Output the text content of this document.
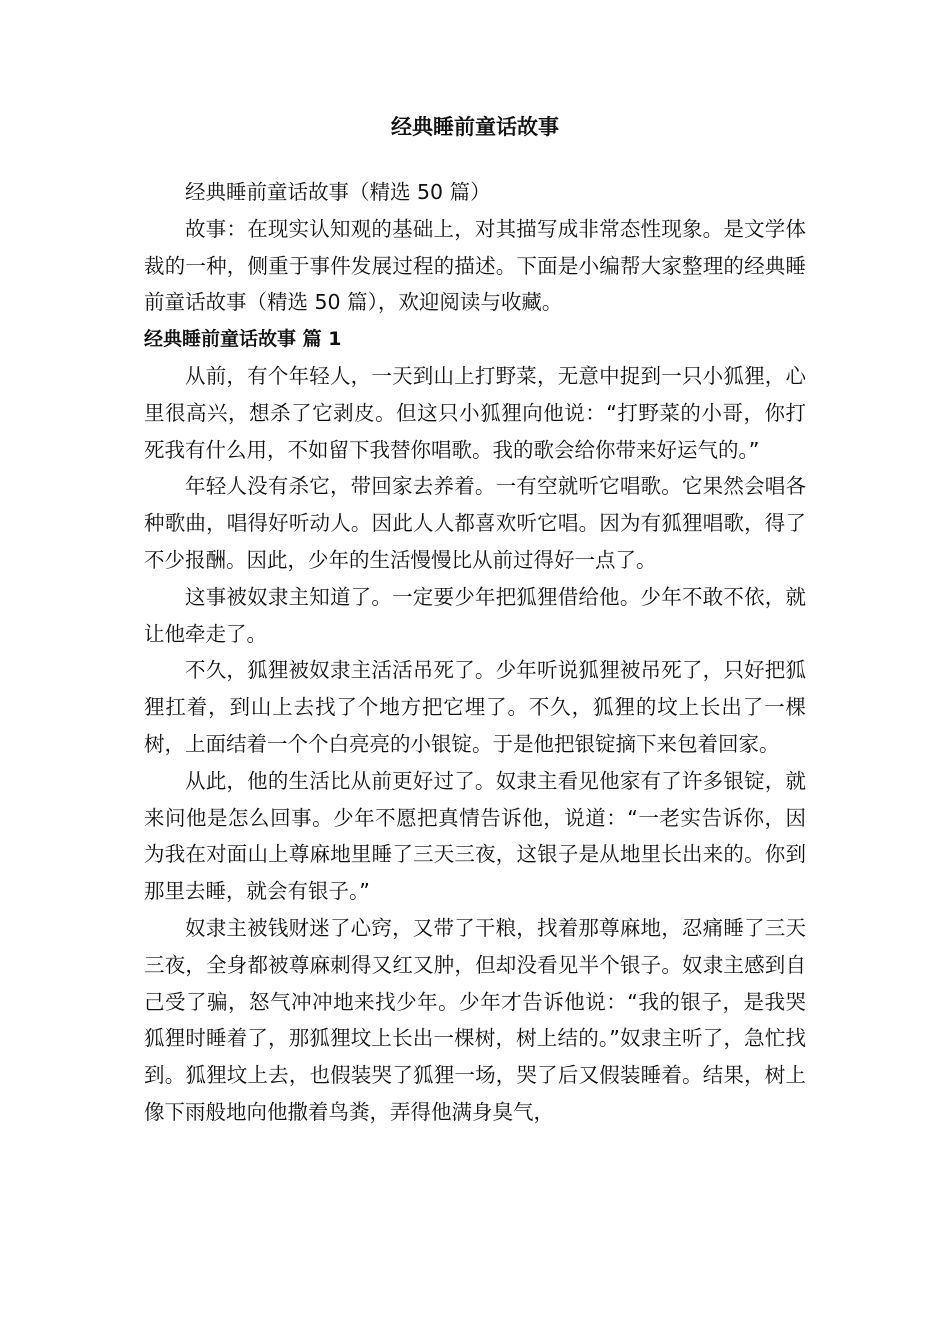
经典睡前童话故事

经典睡前童话故事（精选 50 篇）

故事：在现实认知观的基础上，对其描写成非常态性现象。是文学体裁的一种，侧重于事件发展过程的描述。下面是小编帮大家整理的经典睡前童话故事（精选 50 篇），欢迎阅读与收藏。

经典睡前童话故事 篇 1

从前，有个年轻人，一天到山上打野菜，无意中捉到一只小狐狸，心里很高兴，想杀了它剥皮。但这只小狐狸向他说：“打野菜的小哥，你打死我有什么用，不如留下我替你唱歌。我的歌会给你带来好运气的。”

年轻人没有杀它，带回家去养着。一有空就听它唱歌。它果然会唱各种歌曲，唱得好听动人。因此人人都喜欢听它唱。因为有狐狸唱歌，得了不少报酬。因此，少年的生活慢慢比从前过得好一点了。

这事被奴隶主知道了。一定要少年把狐狸借给他。少年不敢不依，就让他牵走了。

不久，狐狸被奴隶主活活吊死了。少年听说狐狸被吊死了，只好把狐狸扛着，到山上去找了个地方把它埋了。不久，狐狸的坟上长出了一棵树，上面结着一个个白亮亮的小银锭。于是他把银锭摘下来包着回家。

从此，他的生活比从前更好过了。奴隶主看见他家有了许多银锭，就来问他是怎么回事。少年不愿把真情告诉他，说道：“一老实告诉你，因为我在对面山上尊麻地里睡了三天三夜，这银子是从地里长出来的。你到那里去睡，就会有银子。”

奴隶主被钱财迷了心窍，又带了干粮，找着那尊麻地，忍痛睡了三天三夜，全身都被尊麻刺得又红又肿，但却没看见半个银子。奴隶主感到自己受了骗，怒气冲冲地来找少年。少年才告诉他说：“我的银子，是我哭狐狸时睡着了，那狐狸坟上长出一棵树，树上结的。”奴隶主听了，急忙找到。狐狸坟上去，也假装哭了狐狸一场，哭了后又假装睡着。结果，树上像下雨般地向他撒着鸟粪，弄得他满身臭气，
